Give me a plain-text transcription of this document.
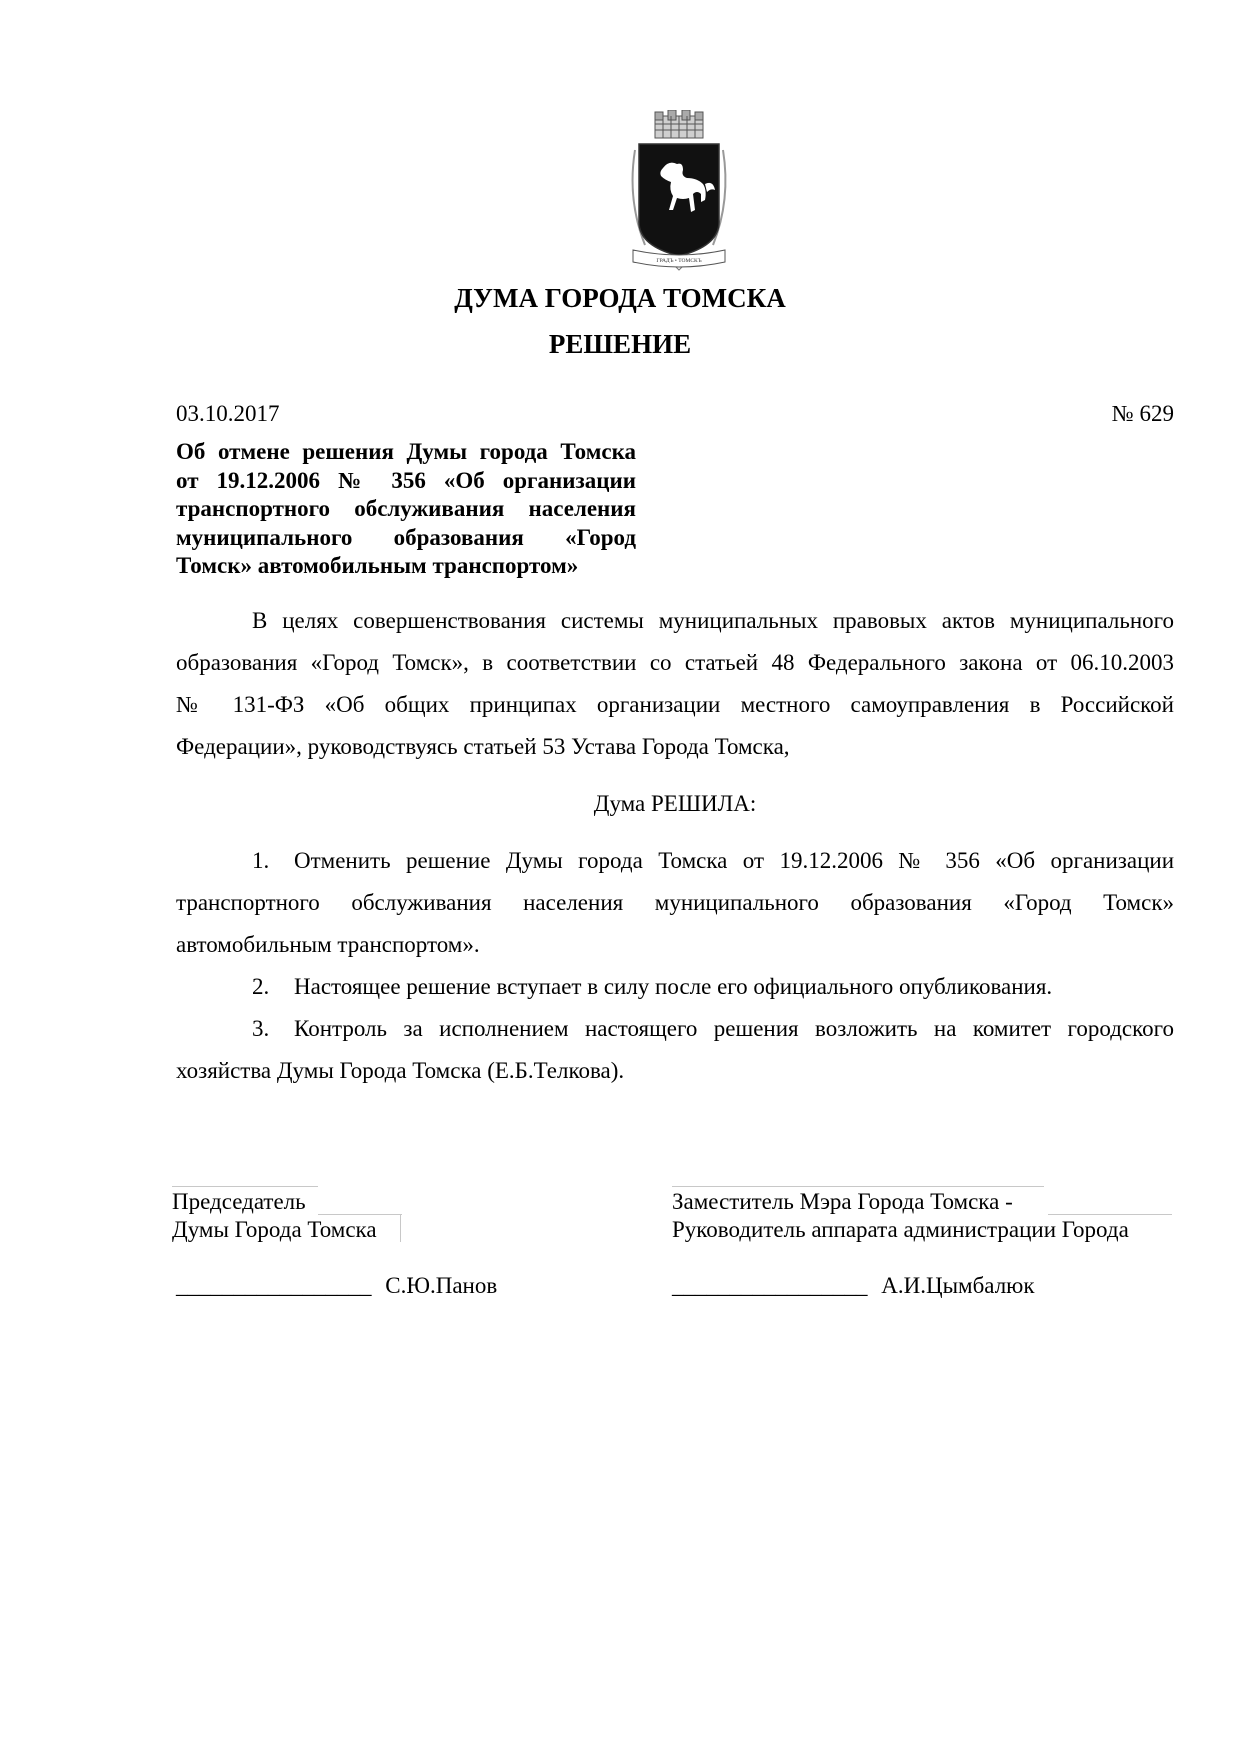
ГРАДЪ • ТОМСКЪ
ДУМА ГОРОДА ТОМСКА
РЕШЕНИЕ
03.10.2017	№ 629
Об отмене решения Думы города Томска
от 19.12.2006 № 356 «Об организации
транспортного обслуживания населения
муниципального образования «Город
Томск» автомобильным транспортом»
В целях совершенствования системы муниципальных правовых актов муниципального
образования «Город Томск», в соответствии со статьей 48 Федерального закона от 06.10.2003
№ 131-ФЗ «Об общих принципах организации местного самоуправления в Российской
Федерации», руководствуясь статьей 53 Устава Города Томска,
Дума РЕШИЛА:
1. Отменить решение Думы города Томска от 19.12.2006 № 356 «Об организации
транспортного обслуживания населения муниципального образования «Город Томск»
автомобильным транспортом».
2. Настоящее решение вступает в силу после его официального опубликования.
3. Контроль за исполнением настоящего решения возложить на комитет городского
хозяйства Думы Города Томска (Е.Б.Телкова).
Председатель
Думы Города Томска
Заместитель Мэра Города Томска -
Руководитель аппарата администрации Города
_________________ С.Ю.Панов	_________________ А.И.Цымбалюк
